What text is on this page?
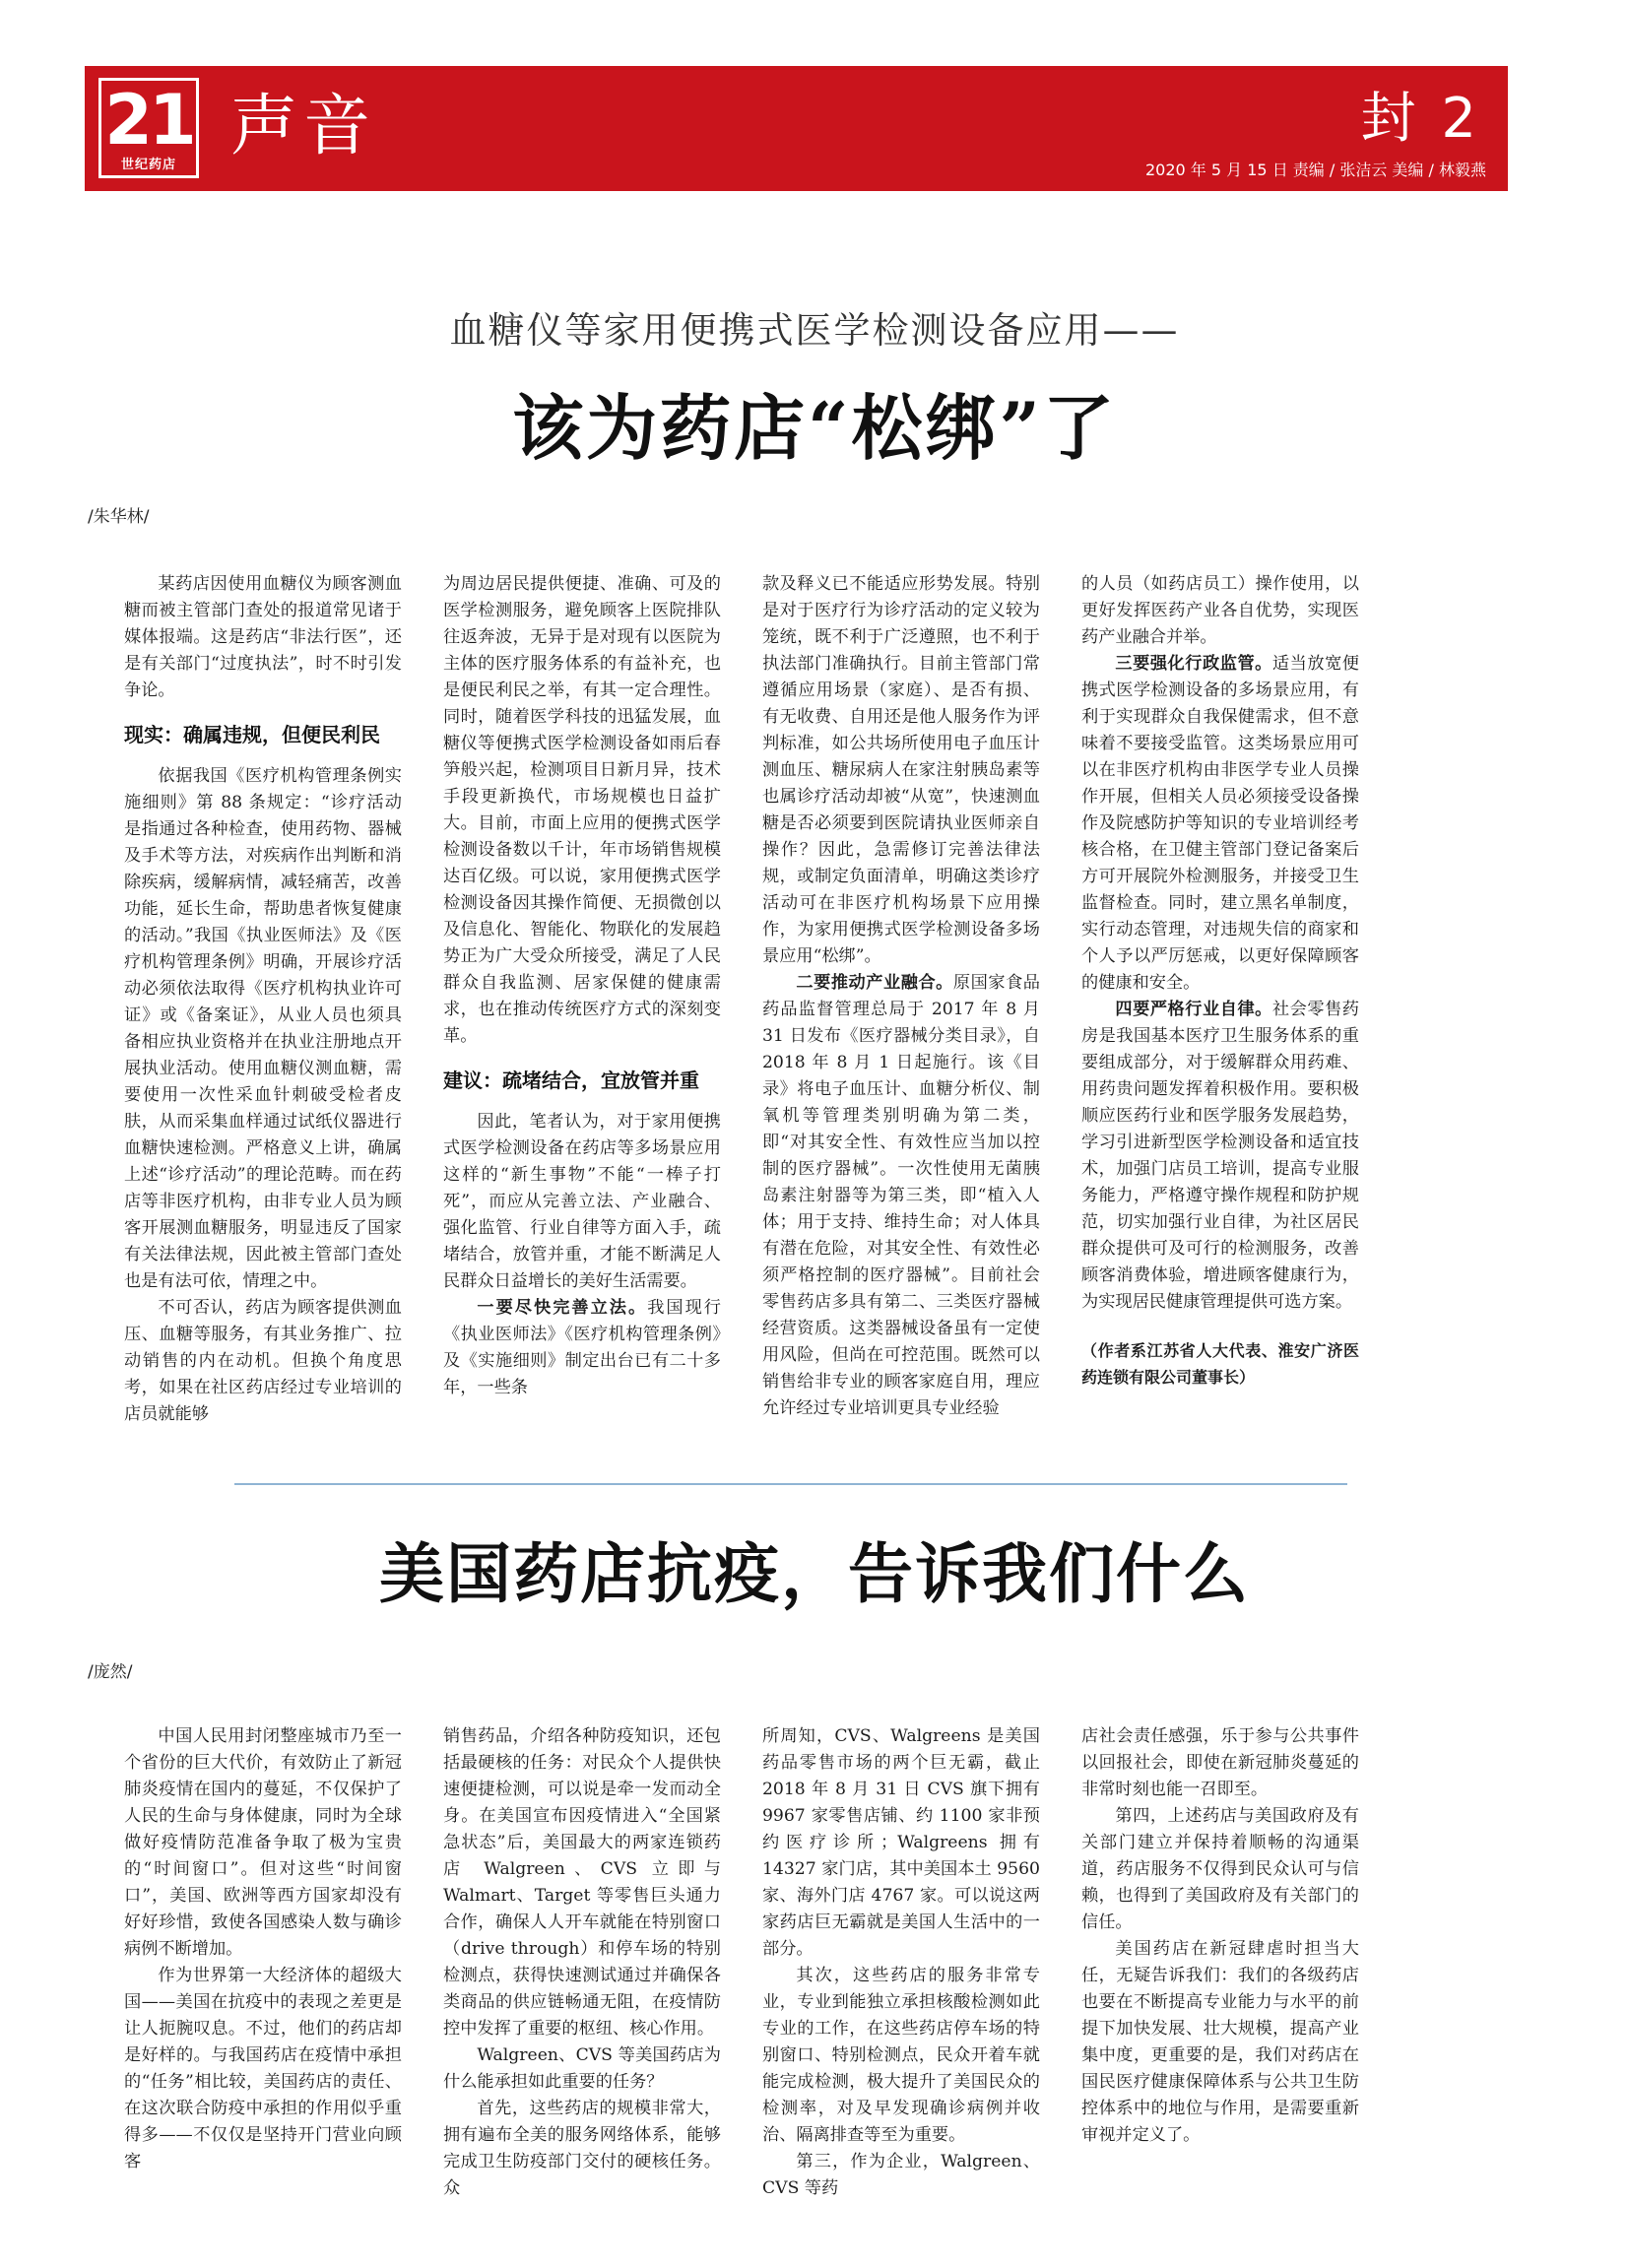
21
世纪药店 声音	封 2
2020 年 5 月 15 日 责编 / 张洁云 美编 / 林毅燕
血糖仪等家用便携式医学检测设备应用——
该为药店“松绑”了
/朱华林/

某药店因使用血糖仪为顾客测血糖而被主管部门查处的报道常见诸于媒体报端。这是药店“非法行医”，还是有关部门“过度执法”，时不时引发争论。

现实：确属违规，但便民利民

依据我国《医疗机构管理条例实施细则》第 88 条规定：“诊疗活动是指通过各种检查，使用药物、器械及手术等方法，对疾病作出判断和消除疾病，缓解病情，减轻痛苦，改善功能，延长生命，帮助患者恢复健康的活动。”我国《执业医师法》及《医疗机构管理条例》明确，开展诊疗活动必须依法取得《医疗机构执业许可证》或《备案证》，从业人员也须具备相应执业资格并在执业注册地点开展执业活动。使用血糖仪测血糖，需要使用一次性采血针刺破受检者皮肤，从而采集血样通过试纸仪器进行血糖快速检测。严格意义上讲，确属上述“诊疗活动”的理论范畴。而在药店等非医疗机构，由非专业人员为顾客开展测血糖服务，明显违反了国家有关法律法规，因此被主管部门查处也是有法可依，情理之中。

不可否认，药店为顾客提供测血压、血糖等服务，有其业务推广、拉动销售的内在动机。但换个角度思考，如果在社区药店经过专业培训的店员就能够

为周边居民提供便捷、准确、可及的医学检测服务，避免顾客上医院排队往返奔波，无异于是对现有以医院为主体的医疗服务体系的有益补充，也是便民利民之举，有其一定合理性。同时，随着医学科技的迅猛发展，血糖仪等便携式医学检测设备如雨后春笋般兴起，检测项目日新月异，技术手段更新换代，市场规模也日益扩大。目前，市面上应用的便携式医学检测设备数以千计，年市场销售规模达百亿级。可以说，家用便携式医学检测设备因其操作简便、无损微创以及信息化、智能化、物联化的发展趋势正为广大受众所接受，满足了人民群众自我监测、居家保健的健康需求，也在推动传统医疗方式的深刻变革。

建议：疏堵结合，宜放管并重

因此，笔者认为，对于家用便携式医学检测设备在药店等多场景应用这样的“新生事物”不能“一棒子打死”，而应从完善立法、产业融合、强化监管、行业自律等方面入手，疏堵结合，放管并重，才能不断满足人民群众日益增长的美好生活需要。

一要尽快完善立法。我国现行《执业医师法》《医疗机构管理条例》及《实施细则》制定出台已有二十多年，一些条

款及释义已不能适应形势发展。特别是对于医疗行为诊疗活动的定义较为笼统，既不利于广泛遵照，也不利于执法部门准确执行。目前主管部门常遵循应用场景（家庭）、是否有损、有无收费、自用还是他人服务作为评判标准，如公共场所使用电子血压计测血压、糖尿病人在家注射胰岛素等也属诊疗活动却被“从宽”，快速测血糖是否必须要到医院请执业医师亲自操作？因此，急需修订完善法律法规，或制定负面清单，明确这类诊疗活动可在非医疗机构场景下应用操作，为家用便携式医学检测设备多场景应用“松绑”。

二要推动产业融合。原国家食品药品监督管理总局于 2017 年 8 月 31 日发布《医疗器械分类目录》，自 2018 年 8 月 1 日起施行。该《目录》将电子血压计、血糖分析仪、制氧机等管理类别明确为第二类，即“对其安全性、有效性应当加以控制的医疗器械”。一次性使用无菌胰岛素注射器等为第三类，即“植入人体；用于支持、维持生命；对人体具有潜在危险，对其安全性、有效性必须严格控制的医疗器械”。目前社会零售药店多具有第二、三类医疗器械经营资质。这类器械设备虽有一定使用风险，但尚在可控范围。既然可以销售给非专业的顾客家庭自用，理应允许经过专业培训更具专业经验

的人员（如药店员工）操作使用，以更好发挥医药产业各自优势，实现医药产业融合并举。

三要强化行政监管。适当放宽便携式医学检测设备的多场景应用，有利于实现群众自我保健需求，但不意味着不要接受监管。这类场景应用可以在非医疗机构由非医学专业人员操作开展，但相关人员必须接受设备操作及院感防护等知识的专业培训经考核合格，在卫健主管部门登记备案后方可开展院外检测服务，并接受卫生监督检查。同时，建立黑名单制度，实行动态管理，对违规失信的商家和个人予以严厉惩戒，以更好保障顾客的健康和安全。

四要严格行业自律。社会零售药房是我国基本医疗卫生服务体系的重要组成部分，对于缓解群众用药难、用药贵问题发挥着积极作用。要积极顺应医药行业和医学服务发展趋势，学习引进新型医学检测设备和适宜技术，加强门店员工培训，提高专业服务能力，严格遵守操作规程和防护规范，切实加强行业自律，为社区居民群众提供可及可行的检测服务，改善顾客消费体验，增进顾客健康行为，为实现居民健康管理提供可选方案。

（作者系江苏省人大代表、淮安广济医药连锁有限公司董事长）

美国药店抗疫，告诉我们什么
/庞然/

中国人民用封闭整座城市乃至一个省份的巨大代价，有效防止了新冠肺炎疫情在国内的蔓延，不仅保护了人民的生命与身体健康，同时为全球做好疫情防范准备争取了极为宝贵的“时间窗口”。但对这些“时间窗口”，美国、欧洲等西方国家却没有好好珍惜，致使各国感染人数与确诊病例不断增加。

作为世界第一大经济体的超级大国——美国在抗疫中的表现之差更是让人扼腕叹息。不过，他们的药店却是好样的。与我国药店在疫情中承担的“任务”相比较，美国药店的责任、在这次联合防疫中承担的作用似乎重得多——不仅仅是坚持开门营业向顾客

销售药品，介绍各种防疫知识，还包括最硬核的任务：对民众个人提供快速便捷检测，可以说是牵一发而动全身。在美国宣布因疫情进入“全国紧急状态”后，美国最大的两家连锁药店 Walgreen、CVS 立即与 Walmart、Target 等零售巨头通力合作，确保人人开车就能在特别窗口（drive through）和停车场的特别检测点，获得快速测试通过并确保各类商品的供应链畅通无阻，在疫情防控中发挥了重要的枢纽、核心作用。

Walgreen、CVS 等美国药店为什么能承担如此重要的任务？

首先，这些药店的规模非常大，拥有遍布全美的服务网络体系，能够完成卫生防疫部门交付的硬核任务。众

所周知，CVS、Walgreens 是美国药品零售市场的两个巨无霸，截止 2018 年 8 月 31 日 CVS 旗下拥有 9967 家零售店铺、约 1100 家非预约医疗诊所；Walgreens 拥有 14327 家门店，其中美国本土 9560 家、海外门店 4767 家。可以说这两家药店巨无霸就是美国人生活中的一部分。

其次，这些药店的服务非常专业，专业到能独立承担核酸检测如此专业的工作，在这些药店停车场的特别窗口、特别检测点，民众开着车就能完成检测，极大提升了美国民众的检测率，对及早发现确诊病例并收治、隔离排查等至为重要。

第三，作为企业，Walgreen、CVS 等药

店社会责任感强，乐于参与公共事件以回报社会，即使在新冠肺炎蔓延的非常时刻也能一召即至。

第四，上述药店与美国政府及有关部门建立并保持着顺畅的沟通渠道，药店服务不仅得到民众认可与信赖，也得到了美国政府及有关部门的信任。

美国药店在新冠肆虐时担当大任，无疑告诉我们：我们的各级药店也要在不断提高专业能力与水平的前提下加快发展、壮大规模，提高产业集中度，更重要的是，我们对药店在国民医疗健康保障体系与公共卫生防控体系中的地位与作用，是需要重新审视并定义了。
